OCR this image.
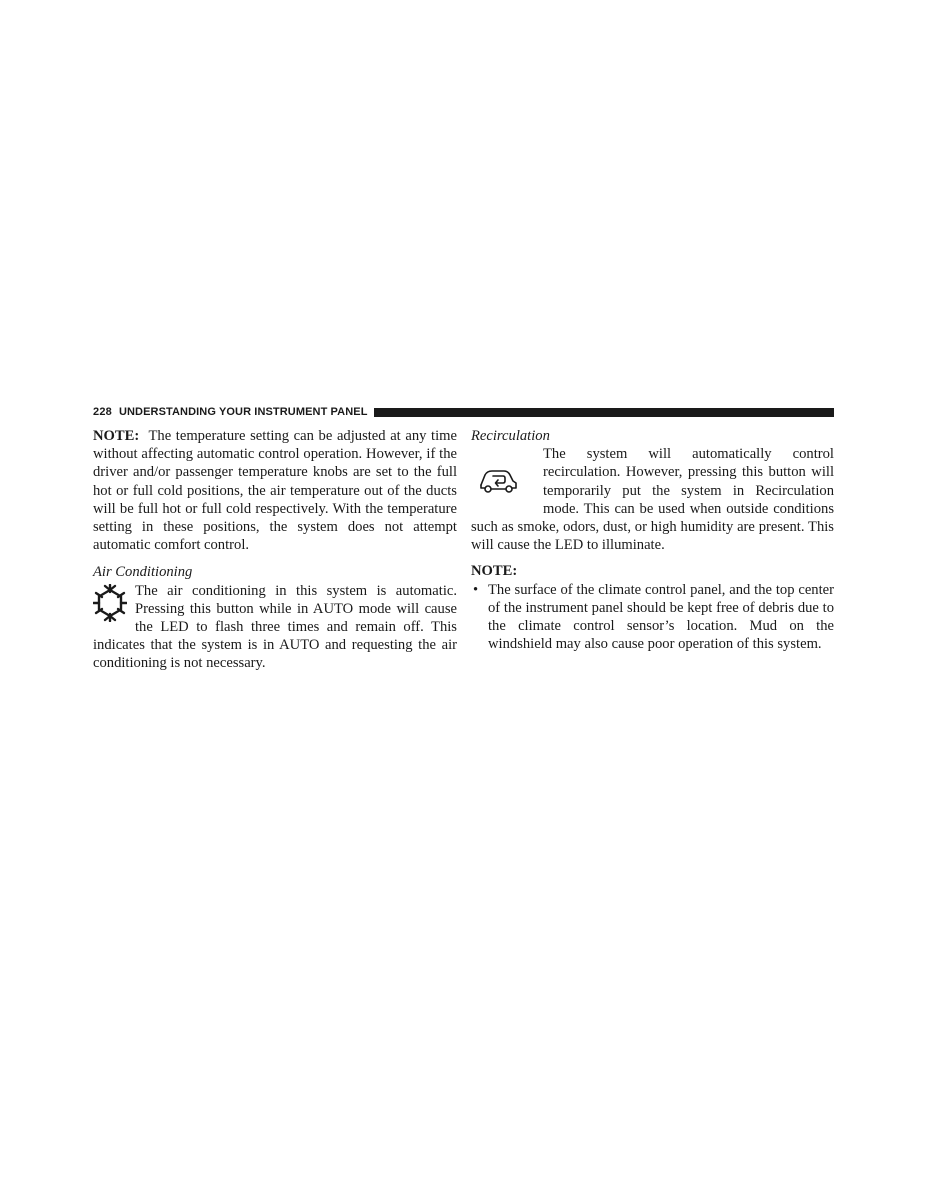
228 UNDERSTANDING YOUR INSTRUMENT PANEL

NOTE: The temperature setting can be adjusted at any time without affecting automatic control operation. However, if the driver and/or passenger temperature knobs are set to the full hot or full cold positions, the air temperature out of the ducts will be full hot or full cold respectively. With the temperature setting in these positions, the system does not attempt automatic comfort control.

Air Conditioning

The air conditioning in this system is automatic. Pressing this button while in AUTO mode will cause the LED to flash three times and remain off. This indicates that the system is in AUTO and requesting the air conditioning is not necessary.

Recirculation

The system will automatically control recirculation. However, pressing this button will temporarily put the system in Recirculation mode. This can be used when outside conditions such as smoke, odors, dust, or high humidity are present. This will cause the LED to illuminate.

NOTE:

• The surface of the climate control panel, and the top center of the instrument panel should be kept free of debris due to the climate control sensor’s location. Mud on the windshield may also cause poor operation of this system.
